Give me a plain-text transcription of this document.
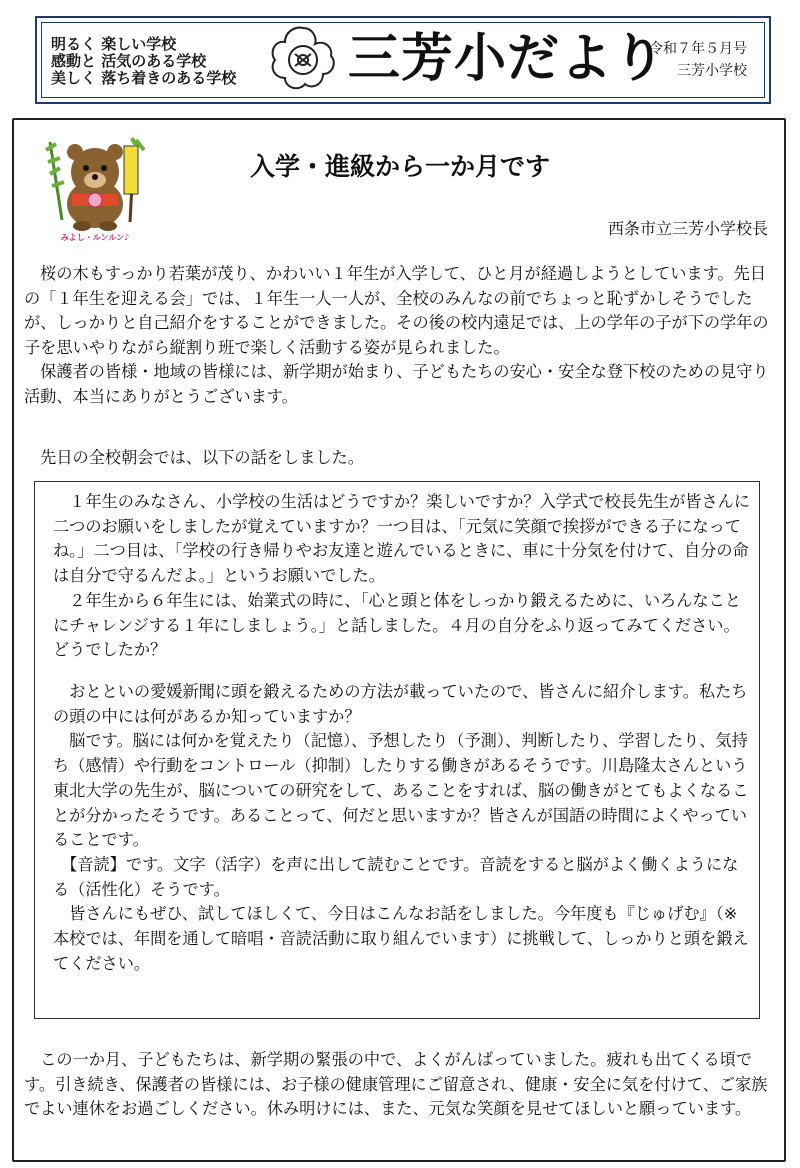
明るく 楽しい学校
感動と 活気のある学校
美しく 落ち着きのある学校 三芳小だより
令和７年５月号
三芳小学校
みよし・ルンルン♪
入学・進級から一か月です
西条市立三芳小学校長

　桜の木もすっかり若葉が茂り、かわいい１年生が入学して、ひと月が経過しようとしています。先日の「１年生を迎える会」では、１年生一人一人が、全校のみんなの前でちょっと恥ずかしそうでしたが、しっかりと自己紹介をすることができました。その後の校内遠足では、上の学年の子が下の学年の子を思いやりながら縦割り班で楽しく活動する姿が見られました。
　保護者の皆様・地域の皆様には、新学期が始まり、子どもたちの安心・安全な登下校のための見守り活動、本当にありがとうございます。

　先日の全校朝会では、以下の話をしました。

　１年生のみなさん、小学校の生活はどうですか？楽しいですか？入学式で校長先生が皆さんに二つのお願いをしましたが覚えていますか？一つ目は、「元気に笑顔で挨拶ができる子になってね。」二つ目は、「学校の行き帰りやお友達と遊んでいるときに、車に十分気を付けて、自分の命は自分で守るんだよ。」というお願いでした。
　２年生から６年生には、始業式の時に、「心と頭と体をしっかり鍛えるために、いろんなことにチャレンジする１年にしましょう。」と話しました。４月の自分をふり返ってみてください。どうでしたか？

　おとといの愛媛新聞に頭を鍛えるための方法が載っていたので、皆さんに紹介します。私たちの頭の中には何があるか知っていますか？
　脳です。脳には何かを覚えたり（記憶）、予想したり（予測）、判断したり、学習したり、気持ち（感情）や行動をコントロール（抑制）したりする働きがあるそうです。川島隆太さんという東北大学の先生が、脳についての研究をして、あることをすれば、脳の働きがとてもよくなることが分かったそうです。あることって、何だと思いますか？皆さんが国語の時間によくやっていることです。
　【音読】です。文字（活字）を声に出して読むことです。音読をすると脳がよく働くようになる（活性化）そうです。
　皆さんにもぜひ、試してほしくて、今日はこんなお話をしました。今年度も『じゅげむ』（※本校では、年間を通して暗唱・音読活動に取り組んでいます）に挑戦して、しっかりと頭を鍛えてください。

　この一か月、子どもたちは、新学期の緊張の中で、よくがんばっていました。疲れも出てくる頃です。引き続き、保護者の皆様には、お子様の健康管理にご留意され、健康・安全に気を付けて、ご家族でよい連休をお過ごしください。休み明けには、また、元気な笑顔を見せてほしいと願っています。
